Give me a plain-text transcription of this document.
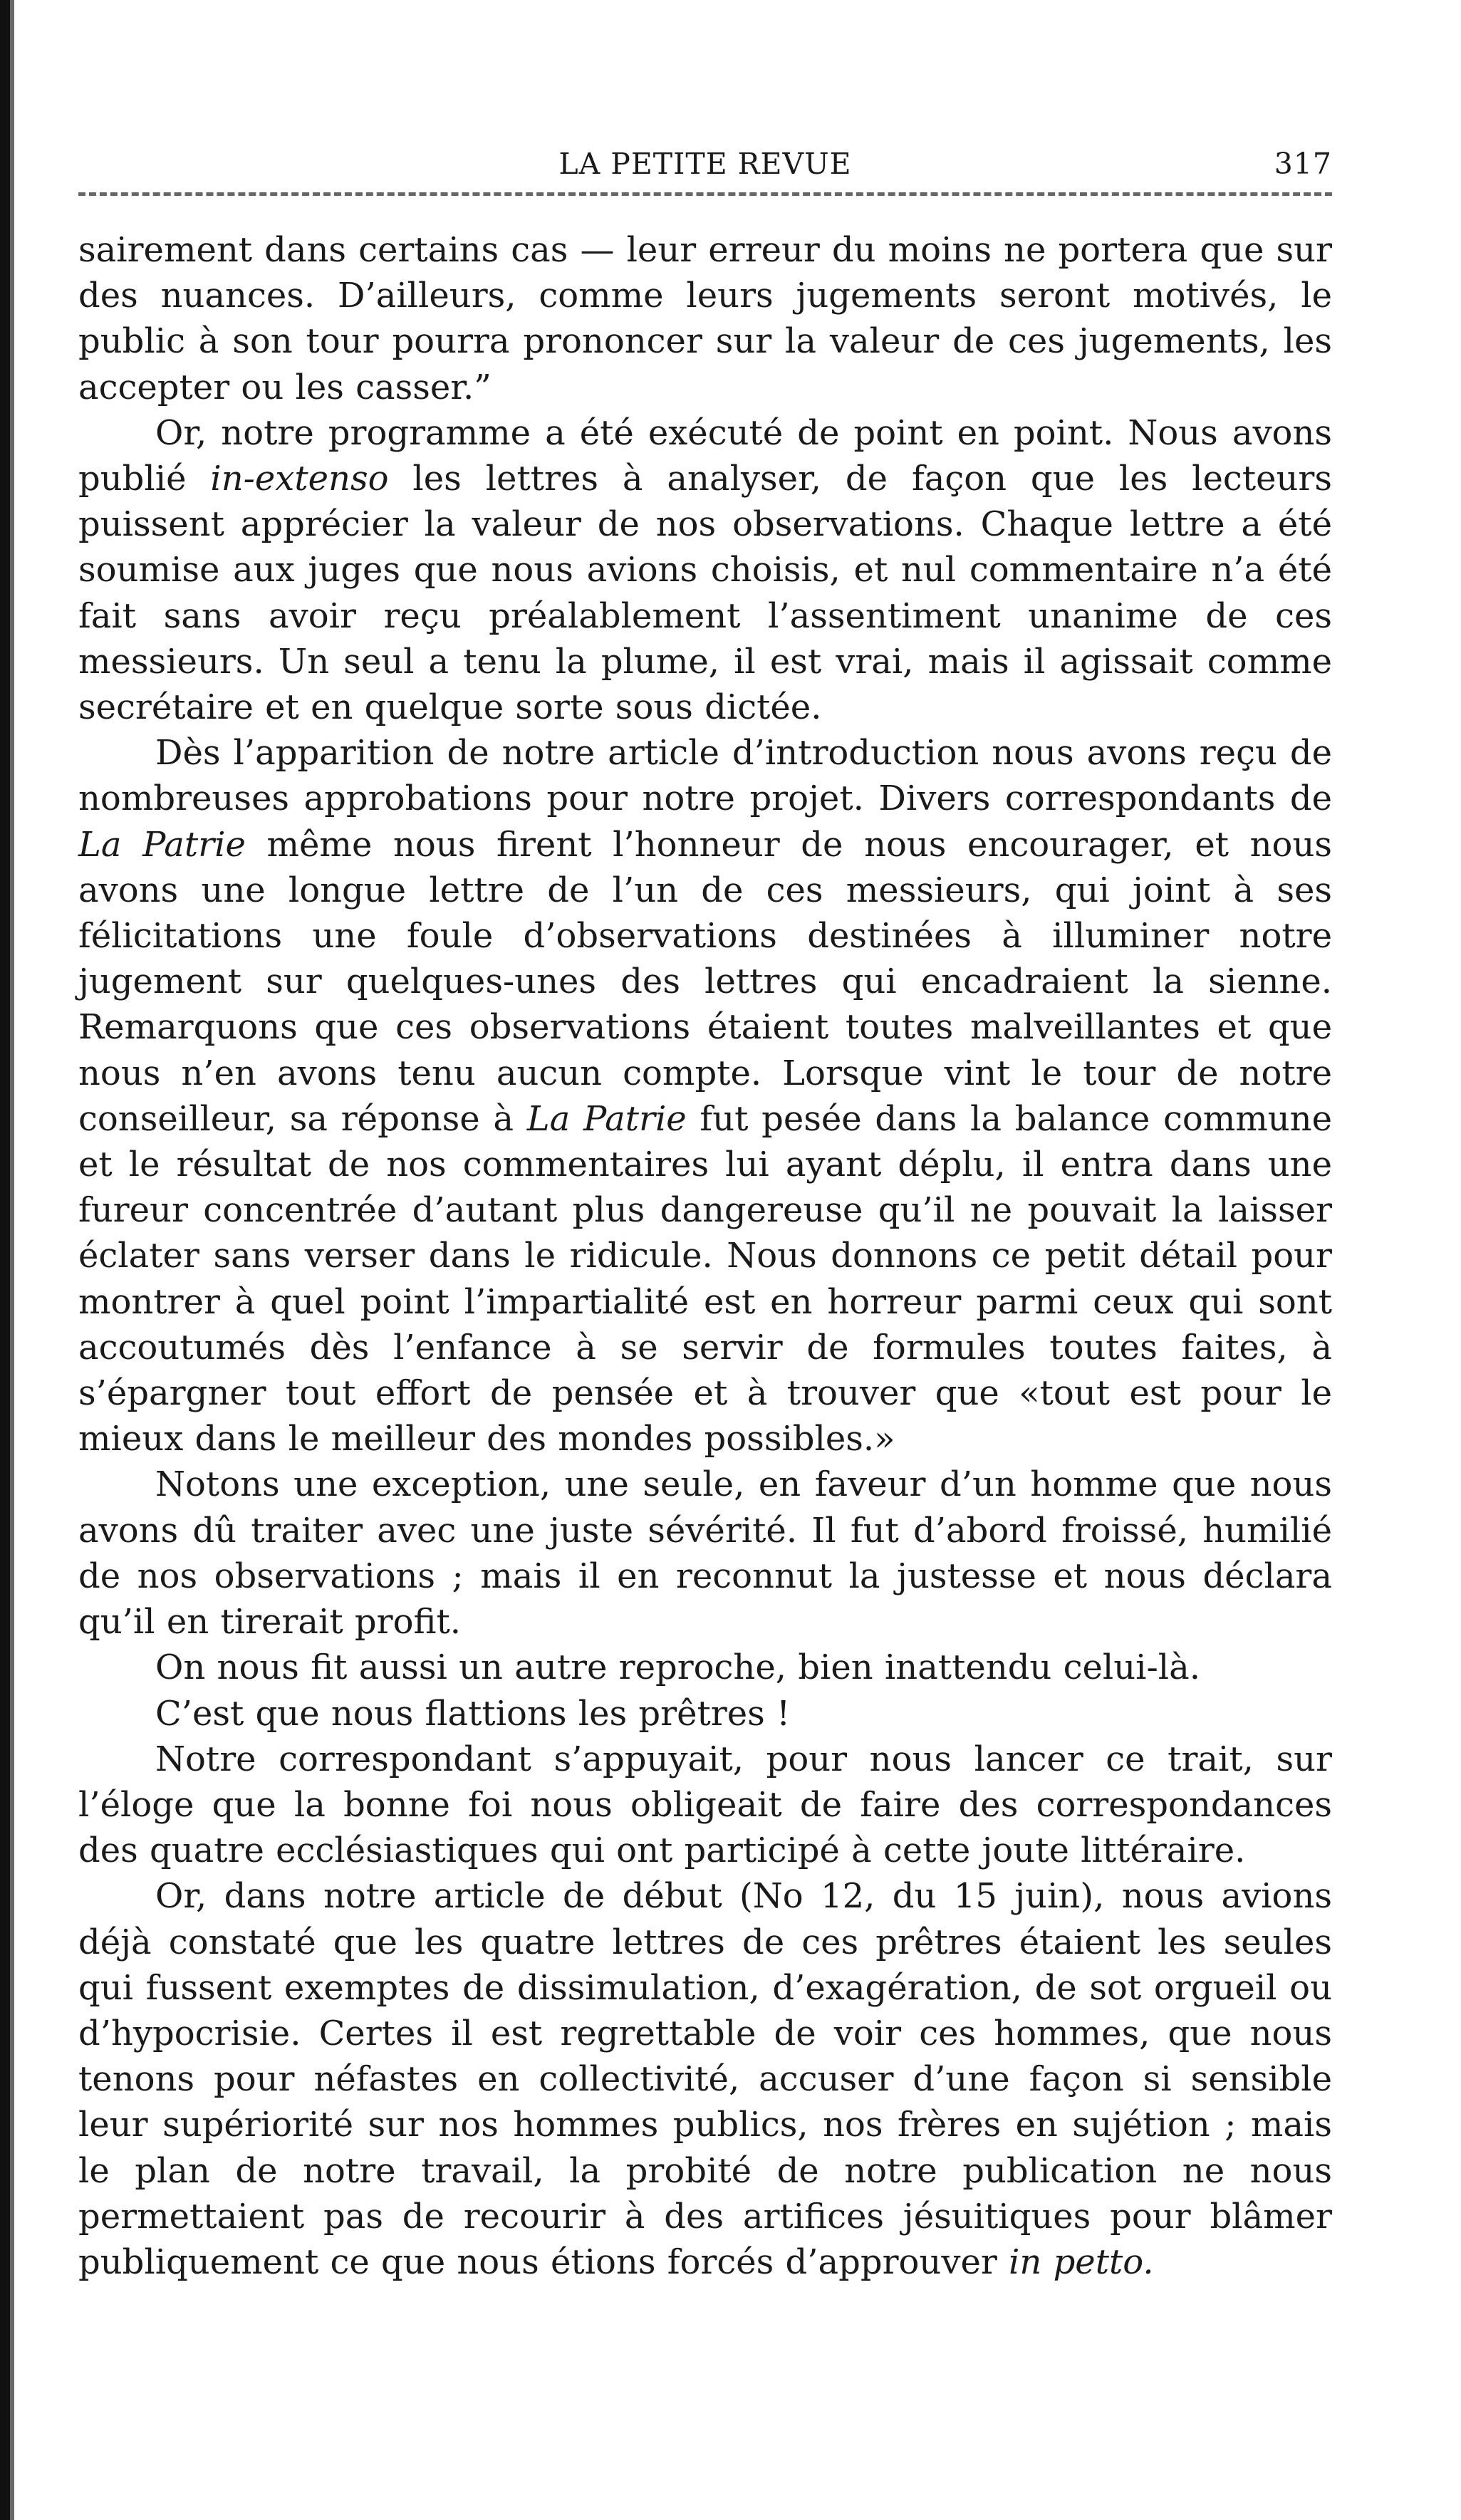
LA PETITE REVUE	317

sairement dans certains cas — leur erreur du moins ne portera que sur des nuances. D’ailleurs, comme leurs jugements seront motivés, le public à son tour pourra prononcer sur la valeur de ces jugements, les accepter ou les casser.”

Or, notre programme a été exécuté de point en point. Nous avons publié in-extenso les lettres à analyser, de façon que les lecteurs puissent apprécier la valeur de nos observations. Chaque lettre a été soumise aux juges que nous avions choisis, et nul commentaire n’a été fait sans avoir reçu préalablement l’assentiment unanime de ces messieurs. Un seul a tenu la plume, il est vrai, mais il agissait comme secrétaire et en quelque sorte sous dictée.

Dès l’apparition de notre article d’introduction nous avons reçu de nombreuses approbations pour notre projet. Divers correspondants de La Patrie même nous firent l’honneur de nous encourager, et nous avons une longue lettre de l’un de ces messieurs, qui joint à ses félicitations une foule d’observations destinées à illuminer notre jugement sur quelques-unes des lettres qui encadraient la sienne. Remarquons que ces observations étaient toutes malveillantes et que nous n’en avons tenu aucun compte. Lorsque vint le tour de notre conseilleur, sa réponse à La Patrie fut pesée dans la balance commune et le résultat de nos commentaires lui ayant déplu, il entra dans une fureur concentrée d’autant plus dangereuse qu’il ne pouvait la laisser éclater sans verser dans le ridicule. Nous donnons ce petit détail pour montrer à quel point l’impartialité est en horreur parmi ceux qui sont accoutumés dès l’enfance à se servir de formules toutes faites, à s’épargner tout effort de pensée et à trouver que «tout est pour le mieux dans le meilleur des mondes possibles.»

Notons une exception, une seule, en faveur d’un homme que nous avons dû traiter avec une juste sévérité. Il fut d’abord froissé, humilié de nos observations ; mais il en reconnut la justesse et nous déclara qu’il en tirerait profit.

On nous fit aussi un autre reproche, bien inattendu celui-là.

C’est que nous flattions les prêtres !

Notre correspondant s’appuyait, pour nous lancer ce trait, sur l’éloge que la bonne foi nous obligeait de faire des correspondances des quatre ecclésiastiques qui ont participé à cette joute littéraire.

Or, dans notre article de début (No 12, du 15 juin), nous avions déjà constaté que les quatre lettres de ces prêtres étaient les seules qui fussent exemptes de dissimulation, d’exagération, de sot orgueil ou d’hypocrisie. Certes il est regrettable de voir ces hommes, que nous tenons pour néfastes en collectivité, accuser d’une façon si sensible leur supériorité sur nos hommes publics, nos frères en sujétion ; mais le plan de notre travail, la probité de notre publication ne nous permettaient pas de recourir à des artifices jésuitiques pour blâmer publiquement ce que nous étions forcés d’approuver in petto.
